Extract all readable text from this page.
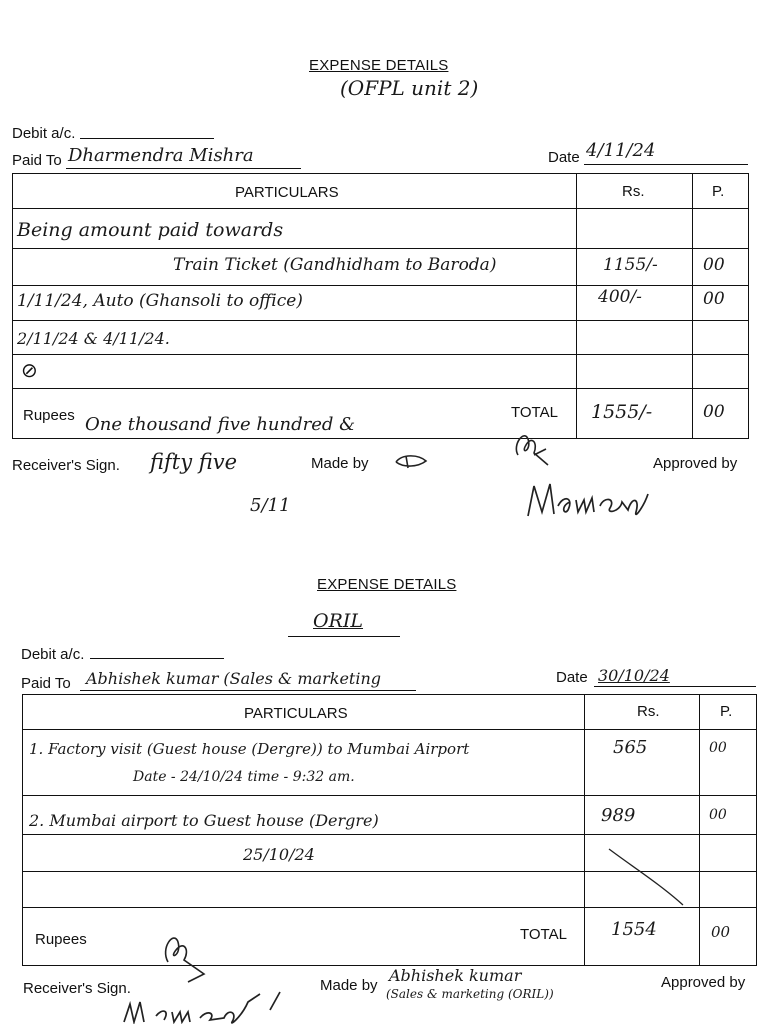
EXPENSE DETAILS
(OFPL unit 2)
Debit a/c.
Paid To Dharmendra Mishra	Date 4/11/24
PARTICULARS	Rs.	P.
Being amount paid towards
Train Ticket (Gandhidham to Baroda)	1155/-	00
1/11/24, Auto (Ghansoli to office)	400/-	00
2/11/24 & 4/11/24.
⊘
Rupees One thousand five hundred &
TOTAL 1555/-	00
Receiver's Sign. fifty five
5/11
Made by	Approved by
EXPENSE DETAILS
ORIL
Debit a/c.
Paid To Abhishek kumar (Sales & marketing	Date 30/10/24
PARTICULARS	Rs.	P.
1. Factory visit (Guest house (Dergre)) to Mumbai Airport	565	00
Date - 24/10/24 time - 9:32 am.
2. Mumbai airport to Guest house (Dergre)	989	00
25/10/24
Rupees	TOTAL 1554	00
Receiver's Sign.	Made by
Abhishek kumar
(Sales & marketing (ORIL))
Approved by
